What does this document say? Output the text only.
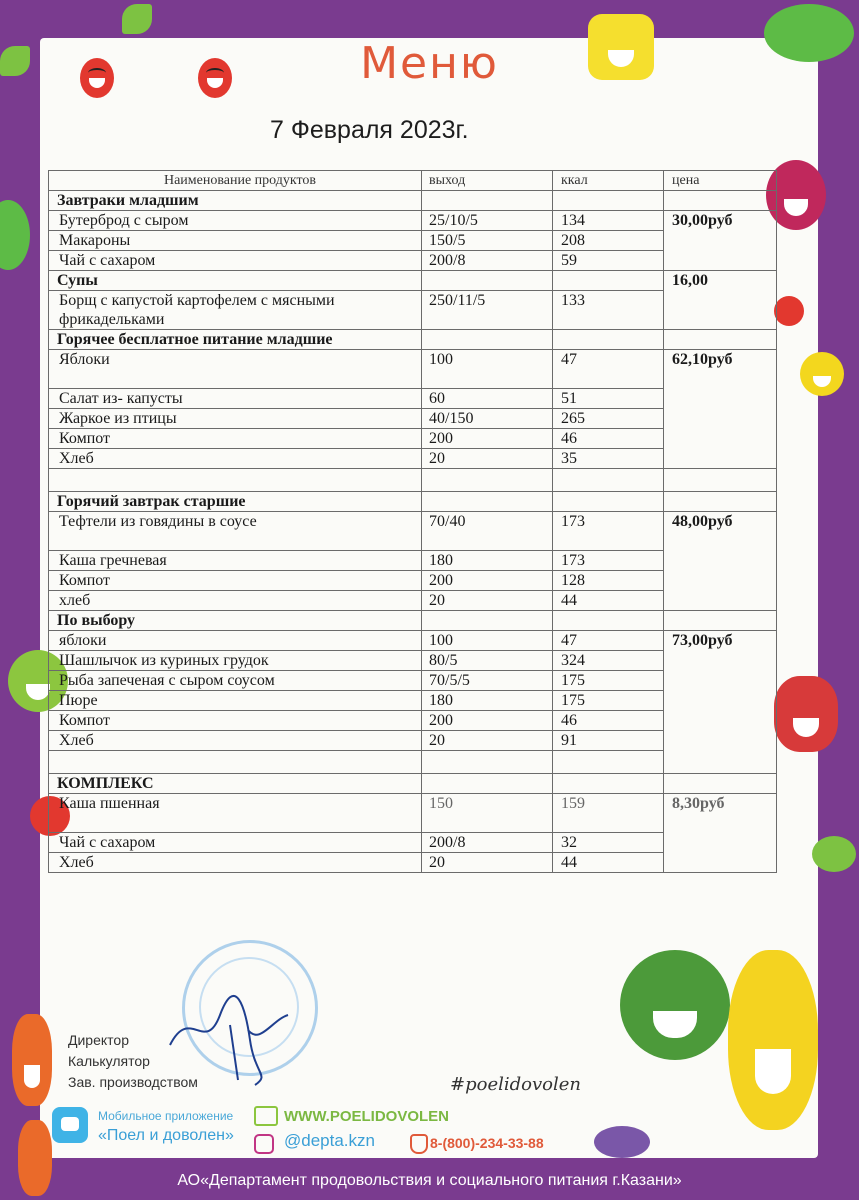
Меню
7 Февраля 2023г.
Наименование продуктов	выход	ккал	цена
Завтраки младшим			
Бутерброд с сыром	25/10/5	134	30,00руб
Макароны	150/5	208	
Чай с сахаром	200/8	59	
Супы			16,00
Борщ с капустой картофелем с мясными фрикадельками	250/11/5	133	
Горячее бесплатное питание младшие			
Яблоки	100	47	62,10руб
Салат из- капусты	60	51	
Жаркое из птицы	40/150	265	
Компот	200	46	
Хлеб	20	35	

Горячий завтрак старшие			
Тефтели из говядины в соусе	70/40	173	48,00руб
Каша гречневая	180	173	
Компот	200	128	
хлеб	20	44	
По выбору			
яблоки	100	47	73,00руб
Шашлычок из куриных грудок	80/5	324	
Рыба запеченая с сыром соусом	70/5/5	175	
Пюре	180	175	
Компот	200	46	
Хлеб	20	91	

КОМПЛЕКС			
Каша пшенная	150	159	8,30руб
Чай с сахаром	200/8	32	
Хлеб	20	44	
Директор
Калькулятор
Зав. производством	#poelidovolen
Мобильное приложение
«Поел и доволен»
WWW.POELIDOVOLEN
@depta.kzn	8-(800)-234-33-88
АО«Департамент продовольствия и социального питания г.Казани»
